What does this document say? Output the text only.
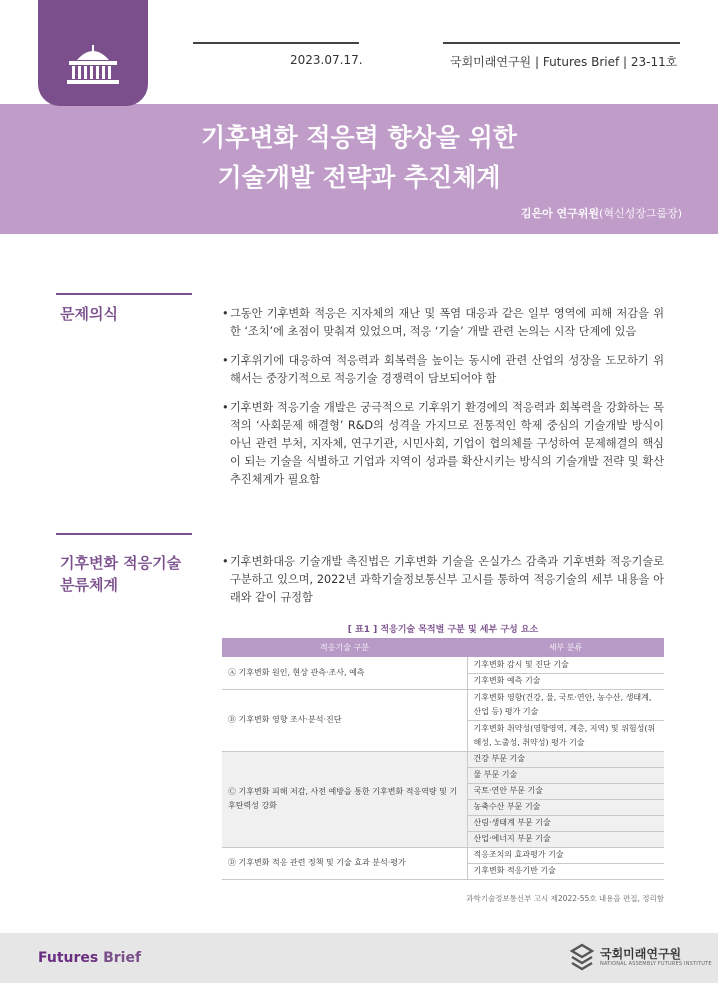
2023.07.17.	국회미래연구원 | Futures Brief | 23-11호
기후변화 적응력 향상을 위한
기술개발 전략과 추진체계
김은아 연구위원(혁신성장그룹장)
문제의식	• 그동안 기후변화 적응은 지자체의 재난 및 폭염 대응과 같은 일부 영역에 피해 저감을 위한 ‘조치’에 초점이 맞춰져 있었으며, 적응 ‘기술’ 개발 관련 논의는 시작 단계에 있음
• 기후위기에 대응하여 적응력과 회복력을 높이는 동시에 관련 산업의 성장을 도모하기 위해서는 중장기적으로 적응기술 경쟁력이 담보되어야 함
• 기후변화 적응기술 개발은 궁극적으로 기후위기 환경에의 적응력과 회복력을 강화하는 목적의 ‘사회문제 해결형’ R&D의 성격을 가지므로 전통적인 학제 중심의 기술개발 방식이 아닌 관련 부처, 지자체, 연구기관, 시민사회, 기업이 협의체를 구성하여 문제해결의 핵심이 되는 기술을 식별하고 기업과 지역이 성과를 확산시키는 방식의 기술개발 전략 및 확산 추진체계가 필요함
기후변화 적응기술
분류체계
• 기후변화대응 기술개발 촉진법은 기후변화 기술을 온실가스 감축과 기후변화 적응기술로 구분하고 있으며, 2022년 과학기술정보통신부 고시를 통하여 적응기술의 세부 내용을 아래와 같이 규정함
[ 표1 ] 적응기술 목적별 구분 및 세부 구성 요소
적응기술 구분	세부 분류
Ⓐ 기후변화 원인, 현상 관측·조사, 예측	기후변화 감시 및 진단 기술
	기후변화 예측 기술
Ⓑ 기후변화 영향 조사·분석·진단	기후변화 영향(건강, 물, 국토·연안, 농수산, 생태계, 산업 등) 평가 기술
	기후변화 취약성(영향영역, 계층, 지역) 및 위험성(위해성, 노출성, 취약성) 평가 기술
Ⓒ 기후변화 피해 저감, 사전 예방을 통한 기후변화 적응역량 및 기후탄력성 강화	건강 부문 기술
	물 부문 기술
	국토·연안 부문 기술
	농축수산 부문 기술
	산림·생태계 부문 기술
	산업·에너지 부문 기술
Ⓓ 기후변화 적응 관련 정책 및 기술 효과 분석·평가	적응조치의 효과평가 기술
	기후변화 적응기반 기술
과학기술정보통신부 고시 제2022-55호 내용을 편집, 정리함
Futures Brief	국회미래연구원
NATIONAL ASSEMBLY FUTURES INSTITUTE
